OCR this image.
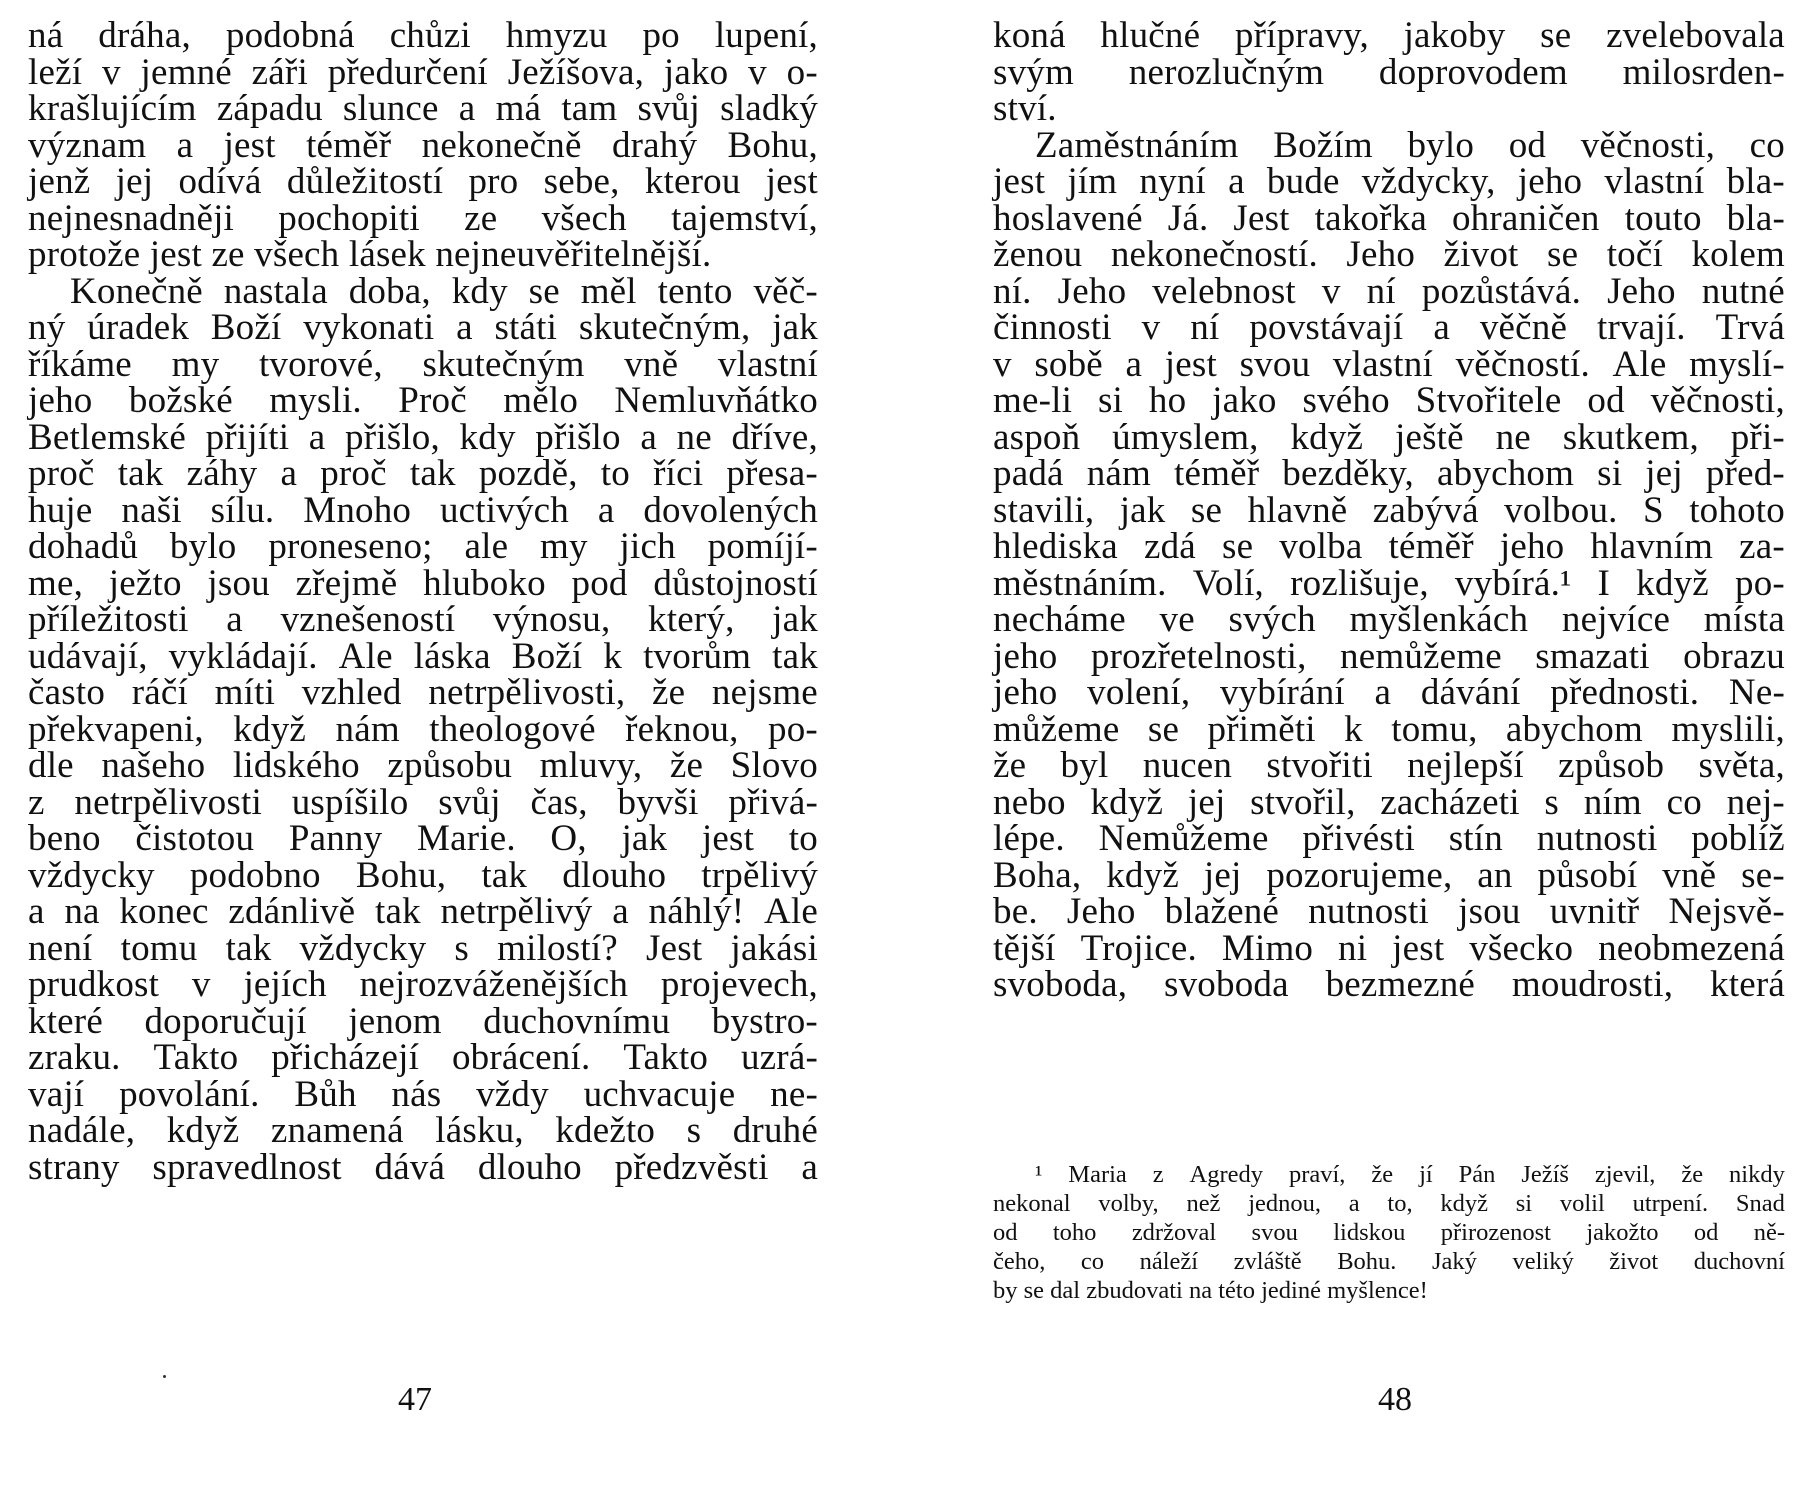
ná dráha, podobná chůzi hmyzu po lupení,
leží v jemné záři předurčení Ježíšova, jako v o-
krašlujícím západu slunce a má tam svůj sladký
význam a jest téměř nekonečně drahý Bohu,
jenž jej odívá důležitostí pro sebe, kterou jest
nejnesnadněji pochopiti ze všech tajemství,
protože jest ze všech lásek nejneuvěřitelnější.
Konečně nastala doba, kdy se měl tento věč-
ný úradek Boží vykonati a státi skutečným, jak
říkáme my tvorové, skutečným vně vlastní
jeho božské mysli. Proč mělo Nemluvňátko
Betlemské přijíti a přišlo, kdy přišlo a ne dříve,
proč tak záhy a proč tak pozdě, to říci přesa-
huje naši sílu. Mnoho uctivých a dovolených
dohadů bylo proneseno; ale my jich pomíjí-
me, ježto jsou zřejmě hluboko pod důstojností
příležitosti a vznešeností výnosu, který, jak
udávají, vykládají. Ale láska Boží k tvorům tak
často ráčí míti vzhled netrpělivosti, že nejsme
překvapeni, když nám theologové řeknou, po-
dle našeho lidského způsobu mluvy, že Slovo
z netrpělivosti uspíšilo svůj čas, byvši přivá-
beno čistotou Panny Marie. O, jak jest to
vždycky podobno Bohu, tak dlouho trpělivý
a na konec zdánlivě tak netrpělivý a náhlý! Ale
není tomu tak vždycky s milostí? Jest jakási
prudkost v jejích nejrozváženějších projevech,
které doporučují jenom duchovnímu bystro-
zraku. Takto přicházejí obrácení. Takto uzrá-
vají povolání. Bůh nás vždy uchvacuje ne-
nadále, když znamená lásku, kdežto s druhé
strany spravedlnost dává dlouho předzvěsti a
47
koná hlučné přípravy, jakoby se zvelebovala
svým nerozlučným doprovodem milosrden-
ství.
Zaměstnáním Božím bylo od věčnosti, co
jest jím nyní a bude vždycky, jeho vlastní bla-
hoslavené Já. Jest takořka ohraničen touto bla-
ženou nekonečností. Jeho život se točí kolem
ní. Jeho velebnost v ní pozůstává. Jeho nutné
činnosti v ní povstávají a věčně trvají. Trvá
v sobě a jest svou vlastní věčností. Ale myslí-
me-li si ho jako svého Stvořitele od věčnosti,
aspoň úmyslem, když ještě ne skutkem, při-
padá nám téměř bezděky, abychom si jej před-
stavili, jak se hlavně zabývá volbou. S tohoto
hlediska zdá se volba téměř jeho hlavním za-
městnáním. Volí, rozlišuje, vybírá.¹ I když po-
necháme ve svých myšlenkách nejvíce místa
jeho prozřetelnosti, nemůžeme smazati obrazu
jeho volení, vybírání a dávání přednosti. Ne-
můžeme se přiměti k tomu, abychom myslili,
že byl nucen stvořiti nejlepší způsob světa,
nebo když jej stvořil, zacházeti s ním co nej-
lépe. Nemůžeme přivésti stín nutnosti poblíž
Boha, když jej pozorujeme, an působí vně se-
be. Jeho blažené nutnosti jsou uvnitř Nejsvě-
tější Trojice. Mimo ni jest všecko neobmezená
svoboda, svoboda bezmezné moudrosti, která
¹ Maria z Agredy praví, že jí Pán Ježíš zjevil, že nikdy
nekonal volby, než jednou, a to, když si volil utrpení. Snad
od toho zdržoval svou lidskou přirozenost jakožto od ně-
čeho, co náleží zvláště Bohu. Jaký veliký život duchovní
by se dal zbudovati na této jediné myšlence!
48
